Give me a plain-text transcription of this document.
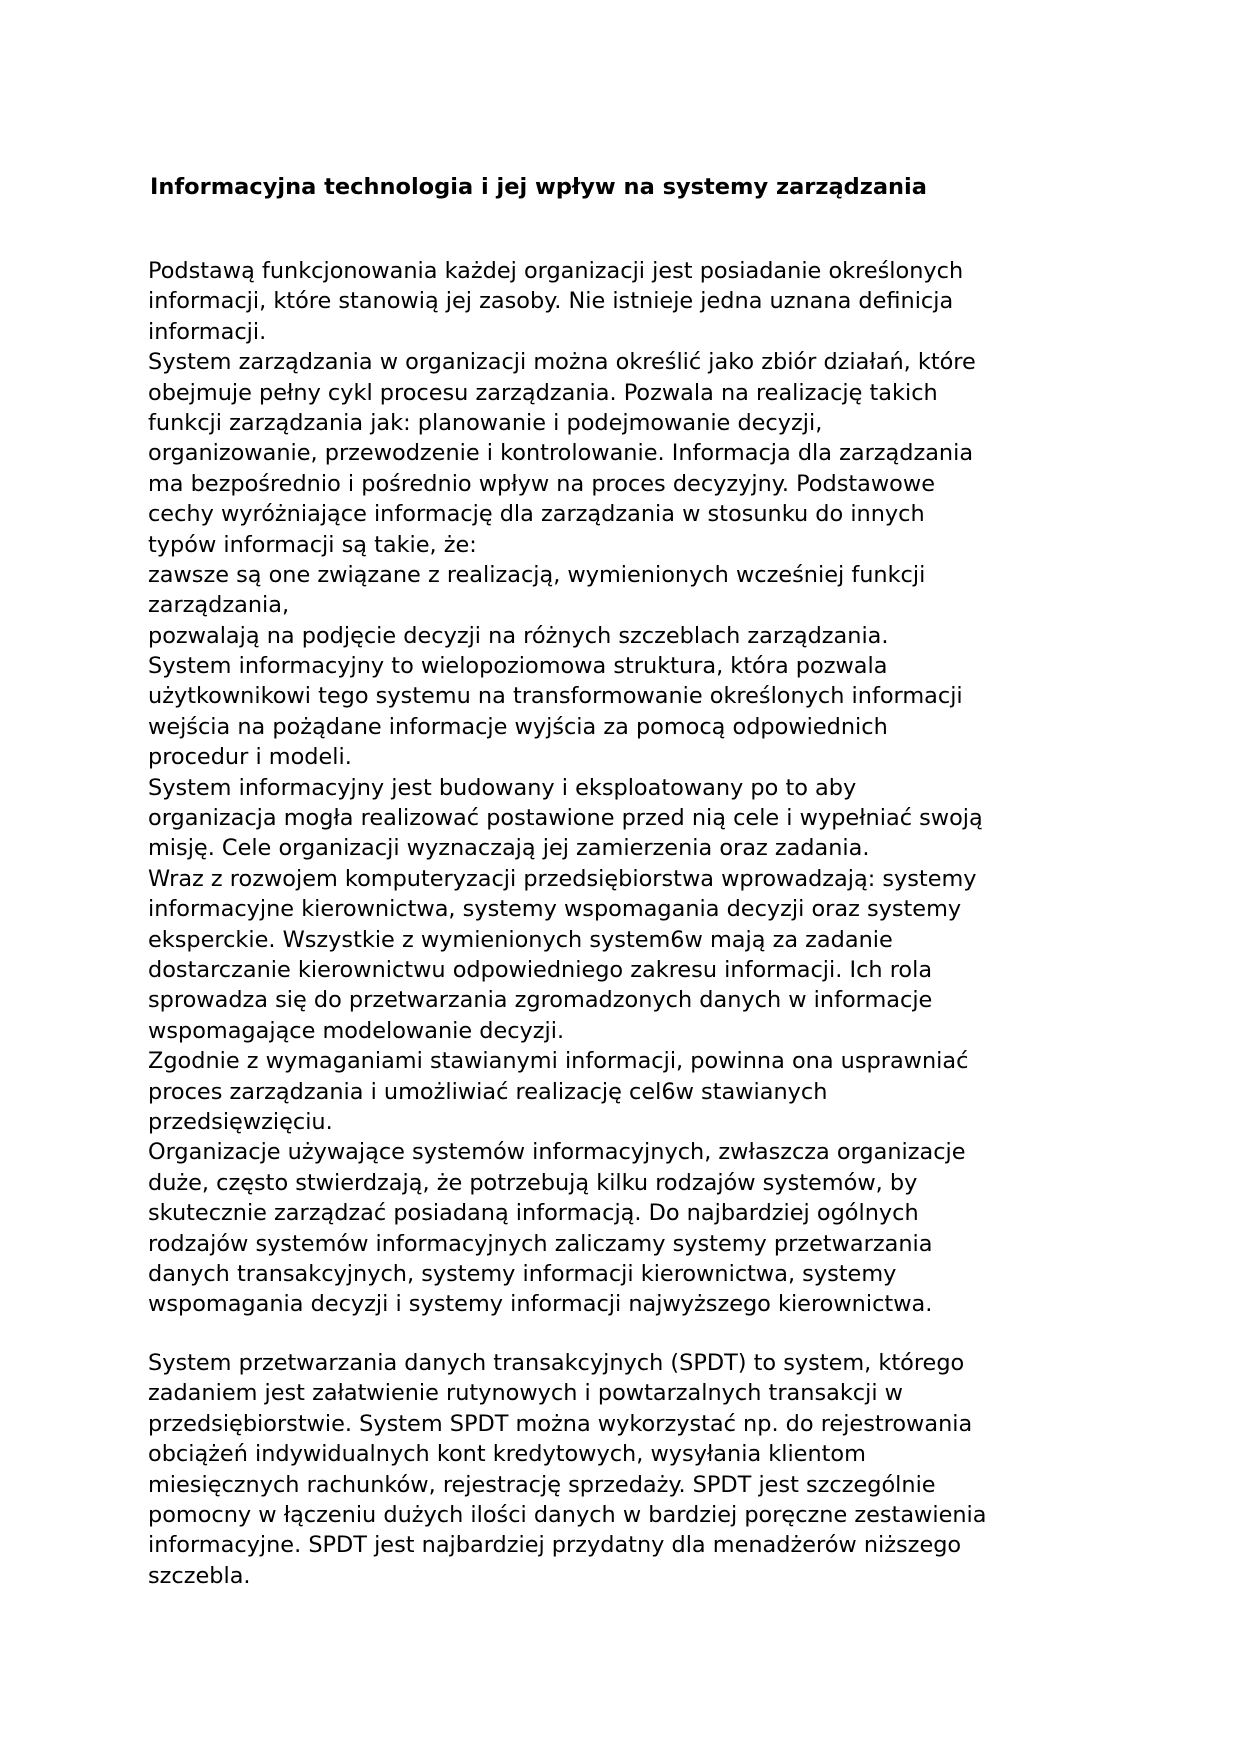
Informacyjna technologia i jej wpływ na systemy zarządzania
Podstawą funkcjonowania każdej organizacji jest posiadanie określonych
informacji, które stanowią jej zasoby. Nie istnieje jedna uznana definicja
informacji.
System zarządzania w organizacji można określić jako zbiór działań, które
obejmuje pełny cykl procesu zarządzania. Pozwala na realizację takich
funkcji zarządzania jak: planowanie i podejmowanie decyzji,
organizowanie, przewodzenie i kontrolowanie. Informacja dla zarządzania
ma bezpośrednio i pośrednio wpływ na proces decyzyjny. Podstawowe
cechy wyróżniające informację dla zarządzania w stosunku do innych
typów informacji są takie, że:
zawsze są one związane z realizacją, wymienionych wcześniej funkcji
zarządzania,
pozwalają na podjęcie decyzji na różnych szczeblach zarządzania.
System informacyjny to wielopoziomowa struktura, która pozwala
użytkownikowi tego systemu na transformowanie określonych informacji
wejścia na pożądane informacje wyjścia za pomocą odpowiednich
procedur i modeli.
System informacyjny jest budowany i eksploatowany po to aby
organizacja mogła realizować postawione przed nią cele i wypełniać swoją
misję. Cele organizacji wyznaczają jej zamierzenia oraz zadania.
Wraz z rozwojem komputeryzacji przedsiębiorstwa wprowadzają: systemy
informacyjne kierownictwa, systemy wspomagania decyzji oraz systemy
eksperckie. Wszystkie z wymienionych system6w mają za zadanie
dostarczanie kierownictwu odpowiedniego zakresu informacji. Ich rola
sprowadza się do przetwarzania zgromadzonych danych w informacje
wspomagające modelowanie decyzji.
Zgodnie z wymaganiami stawianymi informacji, powinna ona usprawniać
proces zarządzania i umożliwiać realizację cel6w stawianych
przedsięwzięciu.
Organizacje używające systemów informacyjnych, zwłaszcza organizacje
duże, często stwierdzają, że potrzebują kilku rodzajów systemów, by
skutecznie zarządzać posiadaną informacją. Do najbardziej ogólnych
rodzajów systemów informacyjnych zaliczamy systemy przetwarzania
danych transakcyjnych, systemy informacji kierownictwa, systemy
wspomagania decyzji i systemy informacji najwyższego kierownictwa.
System przetwarzania danych transakcyjnych (SPDT) to system, którego
zadaniem jest załatwienie rutynowych i powtarzalnych transakcji w
przedsiębiorstwie. System SPDT można wykorzystać np. do rejestrowania
obciążeń indywidualnych kont kredytowych, wysyłania klientom
miesięcznych rachunków, rejestrację sprzedaży. SPDT jest szczególnie
pomocny w łączeniu dużych ilości danych w bardziej poręczne zestawienia
informacyjne. SPDT jest najbardziej przydatny dla menadżerów niższego
szczebla.
